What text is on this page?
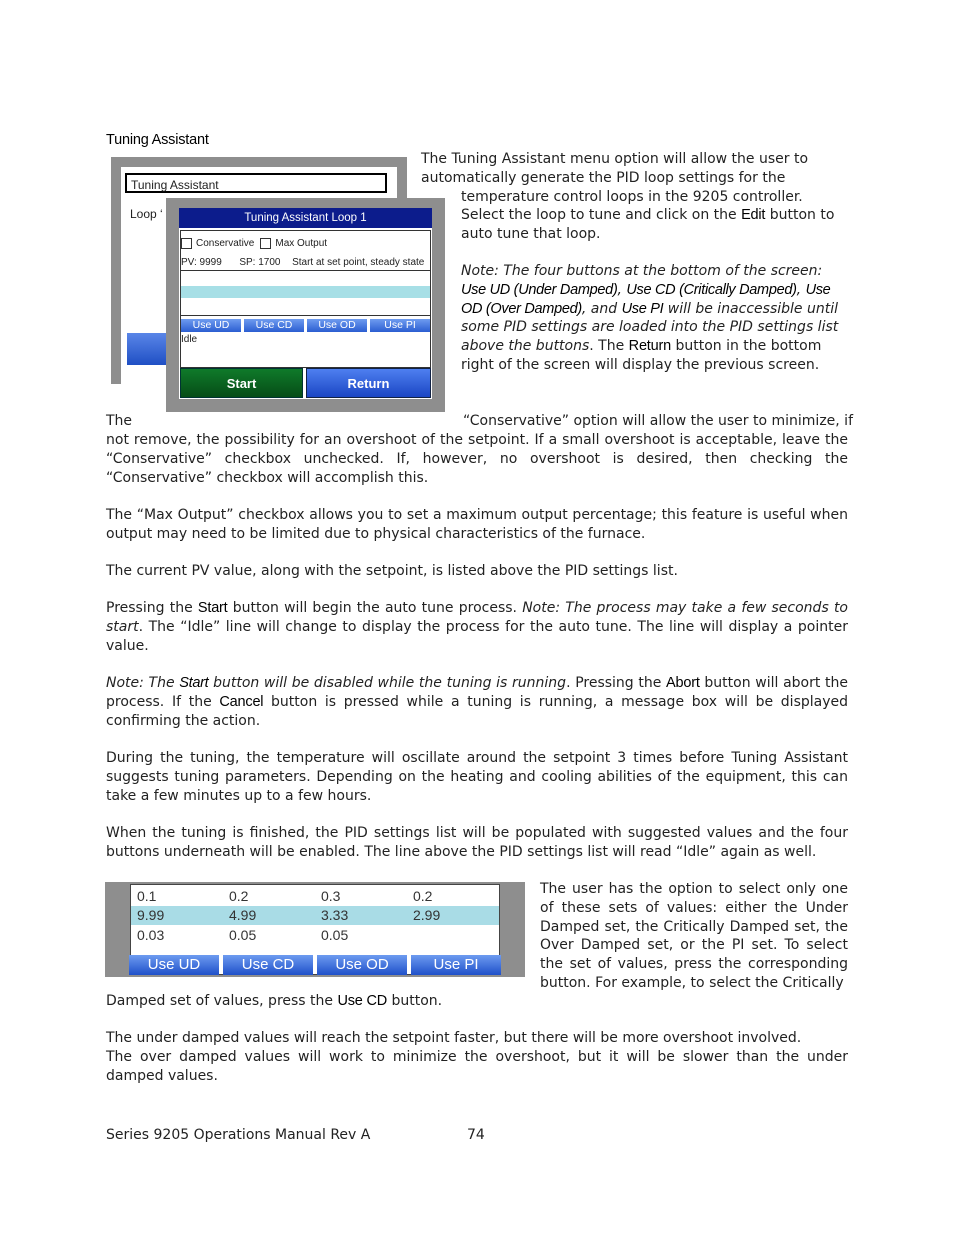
Tuning Assistant
Tuning Assistant
Loop ‘	Tuning Assistant Loop 1
Conservative Max Output
PV: 9999 SP: 1700 Start at set point, steady state
Use UD	Use CD	Use OD	Use PI
Idle
Start	Return
The Tuning Assistant menu option will allow the user to
automatically generate the PID loop settings for the
temperature control loops in the 9205 controller.
Select the loop to tune and click on the Edit button to
auto tune that loop.
Note: The four buttons at the bottom of the screen: Use UD (Under Damped), Use CD (Critically Damped), Use OD (Over Damped), and Use PI will be inaccessible until some PID settings are loaded into the PID settings list above the buttons. The Return button in the bottom right of the screen will display the previous screen.
The	“Conservative” option will allow the user to minimize, if
not remove, the possibility for an overshoot of the setpoint. If a small overshoot is acceptable, leave the “Conservative” checkbox unchecked. If, however, no overshoot is desired, then checking the “Conservative” checkbox will accomplish this.
The “Max Output” checkbox allows you to set a maximum output percentage; this feature is useful when output may need to be limited due to physical characteristics of the furnace.
The current PV value, along with the setpoint, is listed above the PID settings list.
Pressing the Start button will begin the auto tune process. Note: The process may take a few seconds to start. The “Idle” line will change to display the process for the auto tune. The line will display a pointer value.
Note: The Start button will be disabled while the tuning is running. Pressing the Abort button will abort the process. If the Cancel button is pressed while a tuning is running, a message box will be displayed confirming the action.
During the tuning, the temperature will oscillate around the setpoint 3 times before Tuning Assistant suggests tuning parameters. Depending on the heating and cooling abilities of the equipment, this can take a few minutes up to a few hours.
When the tuning is finished, the PID settings list will be populated with suggested values and the four buttons underneath will be enabled. The line above the PID settings list will read “Idle” again as well.
0.1	0.2	0.3	0.2
9.99	4.99	3.33	2.99
0.03	0.05	0.05
Use UD	Use CD	Use OD	Use PI
The user has the option to select only one of these sets of values: either the Under Damped set, the Critically Damped set, the Over Damped set, or the PI set. To select the set of values, press the corresponding button. For example, to select the Critically
Damped set of values, press the Use CD button.
The under damped values will reach the setpoint faster, but there will be more overshoot involved.
The over damped values will work to minimize the overshoot, but it will be slower than the under damped values.
Series 9205 Operations Manual Rev A	74
